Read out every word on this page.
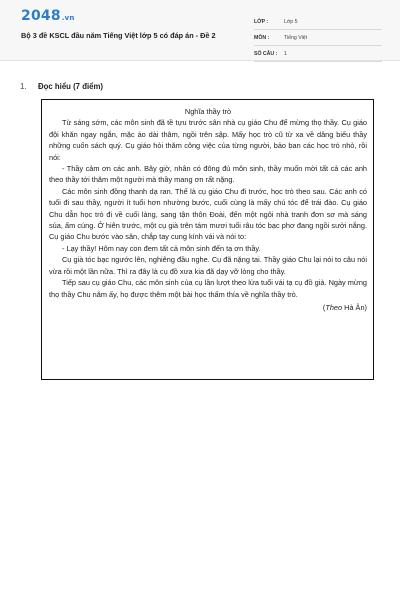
2048.vn
Bộ 3 đề KSCL đầu năm Tiếng Việt lớp 5 có đáp án - Đề 2
LỚP :	Lớp 5
MÔN :	Tiếng Việt
SỐ CÂU :	1
1.	Đọc hiểu (7 điểm)
Nghĩa thầy trò

Từ sáng sớm, các môn sinh đã tề tựu trước sân nhà cụ giáo Chu để mừng thọ thầy. Cụ giáo đội khăn ngay ngắn, mặc áo dài thâm, ngồi trên sập. Mấy học trò cũ từ xa về dâng biếu thầy những cuốn sách quý. Cụ giáo hỏi thăm công việc của từng người, bảo ban các học trò nhỏ, rồi nói:

- Thầy cảm ơn các anh. Bây giờ, nhân có đông đủ môn sinh, thầy muốn mời tất cả các anh theo thầy tới thăm một người mà thầy mang ơn rất nặng.

Các môn sinh đồng thanh dạ ran. Thế là cụ giáo Chu đi trước, học trò theo sau. Các anh có tuổi đi sau thầy, người ít tuổi hơn nhường bước, cuối cùng là mấy chú tóc để trái đào. Cụ giáo Chu dẫn học trò đi về cuối làng, sang tận thôn Đoài, đến một ngôi nhà tranh đơn sơ mà sáng sủa, ấm cúng. Ở hiên trước, một cụ già trên tám mươi tuổi râu tóc bạc phơ đang ngồi sưởi nắng. Cụ giáo Chu bước vào sân, chắp tay cung kính vái và nói to:

- Lạy thầy! Hôm nay con đem tất cả môn sinh đến tạ ơn thầy.

Cụ già tóc bạc ngước lên, nghiêng đầu nghe. Cụ đã nặng tai. Thầy giáo Chu lại nói to câu nói vừa rồi một lần nữa. Thì ra đây là cụ đồ xưa kia đã dạy vỡ lòng cho thầy.

Tiếp sau cụ giáo Chu, các môn sinh của cụ lần lượt theo lửa tuổi vái tạ cụ đồ già. Ngày mừng thọ thầy Chu năm ấy, họ được thêm một bài học thấm thía về nghĩa thầy trò.

(Theo Hà Ân)
